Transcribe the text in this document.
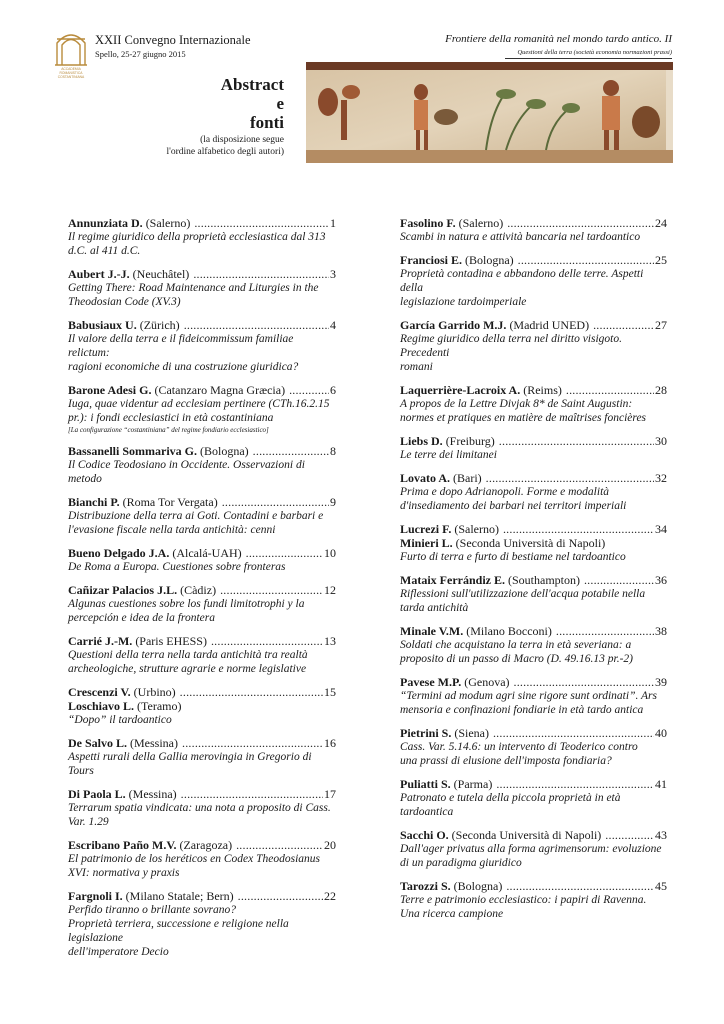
ACCADEMIA
ROMANISTICA
COSTANTINIANA
XXII Convegno Internazionale
Spello, 25-27 giugno 2015
Frontiere della romanità nel mondo tardo antico. II
Questioni della terra (società economia normazioni prassi)

Abstract

e

fonti

(la disposizione segue
l'ordine alfabetico degli autori)
Annunziata D. (Salerno) .....	1
Il regime giuridico della proprietà ecclesiastica dal 313
d.C. al 411 d.C.
Aubert J.-J. (Neuchâtel) .....	3
Getting There: Road Maintenance and Liturgies in the
Theodosian Code (XV.3)
Babusiaux U. (Zürich) .....	4
Il valore della terra e il fideicommissum familiae relictum:
ragioni economiche di una costruzione giuridica?
Barone Adesi G. (Catanzaro Magna Græcia) .....	6
Iuga, quae videntur ad ecclesiam pertinere (CTh.16.2.15
pr.): i fondi ecclesiastici in età costantiniana
[La configurazione “costantiniana” del regime fondiario ecclesiastico]
Bassanelli Sommariva G. (Bologna) .....	8
Il Codice Teodosiano in Occidente. Osservazioni di
metodo
Bianchi P. (Roma Tor Vergata) .....	9
Distribuzione della terra ai Goti. Contadini e barbari e
l'evasione fiscale nella tarda antichità: cenni
Bueno Delgado J.A. (Alcalá-UAH) .....	10
De Roma a Europa. Cuestiones sobre fronteras
Cañizar Palacios J.L. (Càdiz) .....	12
Algunas cuestiones sobre los fundi limitotrophi y la
percepción e idea de la frontera
Carrié J.-M. (Paris EHESS) .....	13
Questioni della terra nella tarda antichità tra realtà
archeologiche, strutture agrarie e norme legislative
Crescenzi V. (Urbino) .....	15
Loschiavo L. (Teramo)
“Dopo” il tardoantico
De Salvo L. (Messina) .....	16
Aspetti rurali della Gallia merovingia in Gregorio di
Tours
Di Paola L. (Messina) .....	17
Terrarum spatia vindicata: una nota a proposito di Cass.
Var. 1.29
Escribano Paño M.V. (Zaragoza) .....	20
El patrimonio de los heréticos en Codex Theodosianus
XVI: normativa y praxis
Fargnoli I. (Milano Statale; Bern) .....	22
Perfido tiranno o brillante sovrano?
Proprietà terriera, successione e religione nella legislazione
dell'imperatore Decio
Fasolino F. (Salerno) .....	24
Scambi in natura e attività bancaria nel tardoantico
Franciosi E. (Bologna) .....	25
Proprietà contadina e abbandono delle terre. Aspetti della
legislazione tardoimperiale
García Garrido M.J. (Madrid UNED) .....	27
Regime giuridico della terra nel diritto visigoto. Precedenti
romani
Laquerrière-Lacroix A. (Reims) .....	28
A propos de la Lettre Divjak 8* de Saint Augustin:
normes et pratiques en matière de maîtrises foncières
Liebs D. (Freiburg) .....	30
Le terre dei limitanei
Lovato A. (Bari) .....	32
Prima e dopo Adrianopoli. Forme e modalità
d'insediamento dei barbari nei territori imperiali
Lucrezi F. (Salerno) .....	34
Minieri L. (Seconda Università di Napoli)
Furto di terra e furto di bestiame nel tardoantico
Mataix Ferrándiz E. (Southampton) .....	36
Riflessioni sull'utilizzazione dell'acqua potabile nella
tarda antichità
Minale V.M. (Milano Bocconi) .....	38
Soldati che acquistano la terra in età severiana: a
proposito di un passo di Macro (D. 49.16.13 pr.-2)
Pavese M.P. (Genova) .....	39
“Termini ad modum agri sine rigore sunt ordinati”. Ars
mensoria e confinazioni fondiarie in età tardo antica
Pietrini S. (Siena) .....	40
Cass. Var. 5.14.6: un intervento di Teoderico contro
una prassi di elusione dell'imposta fondiaria?
Puliatti S. (Parma) .....	41
Patronato e tutela della piccola proprietà in età
tardoantica
Sacchi O. (Seconda Università di Napoli) .....	43
Dall'ager privatus alla forma agrimensorum: evoluzione
di un paradigma giuridico
Tarozzi S. (Bologna) .....	45
Terre e patrimonio ecclesiastico: i papiri di Ravenna.
Una ricerca campione
